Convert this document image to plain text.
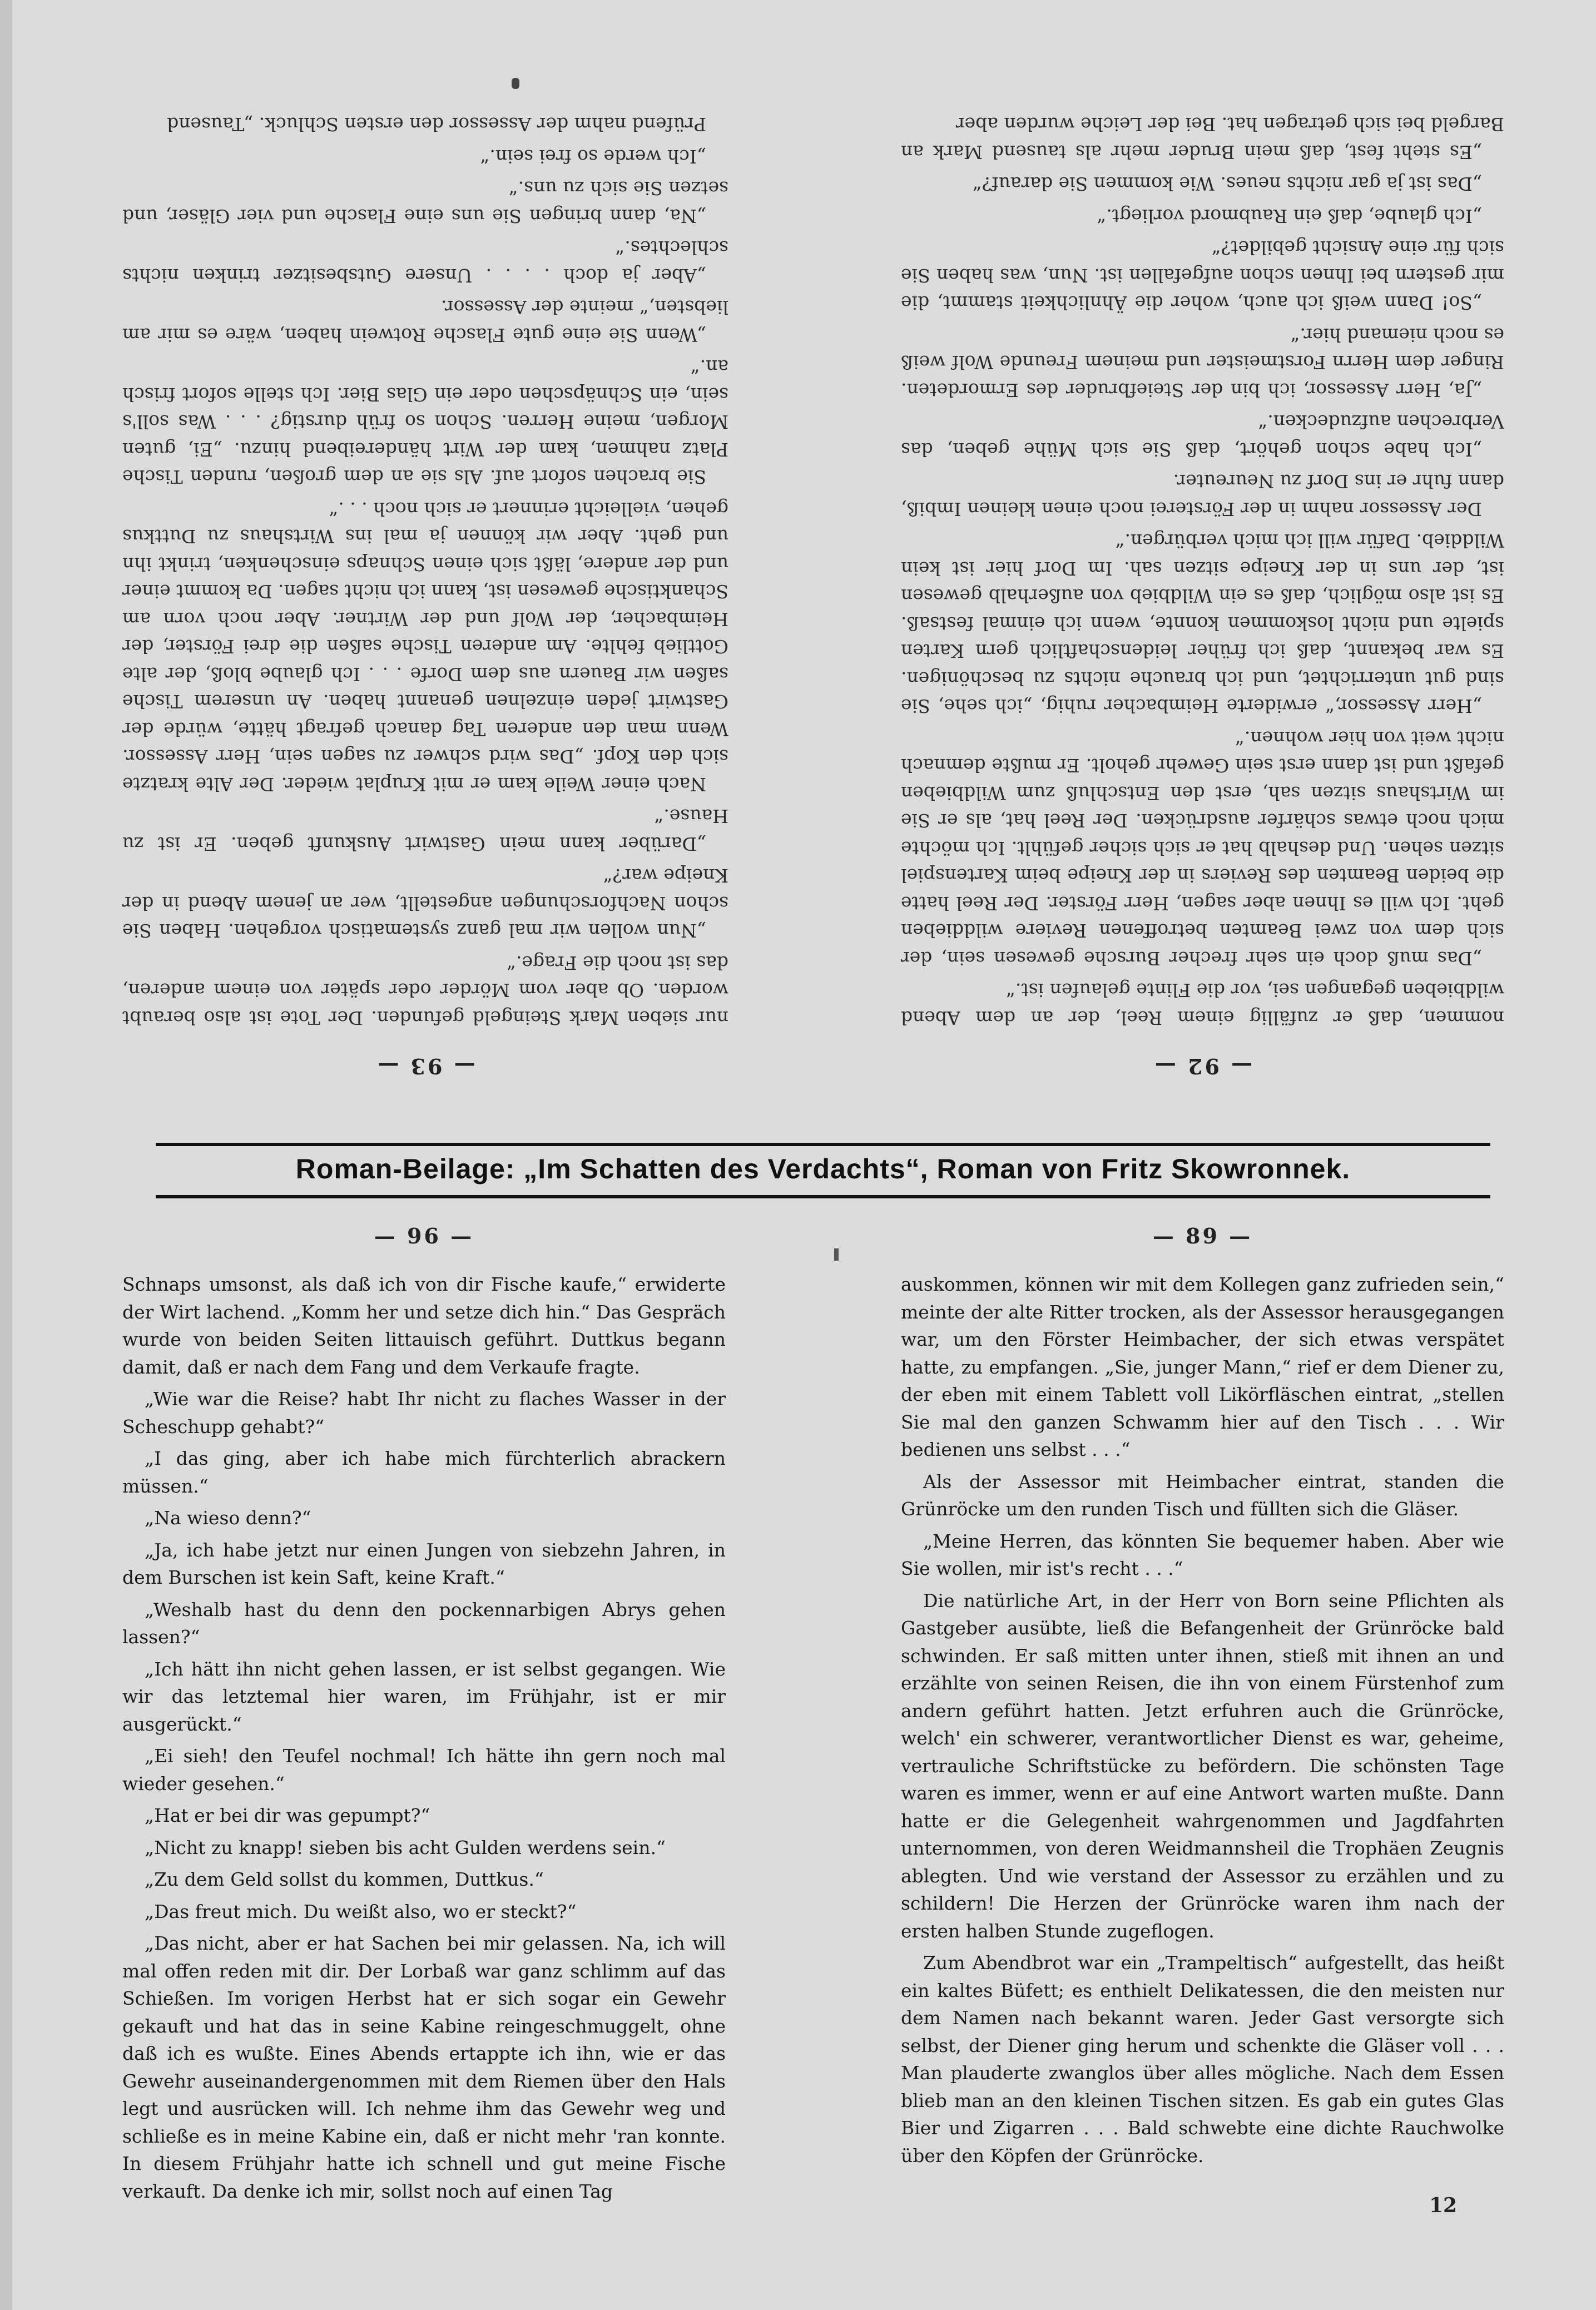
— 93 —

nur sieben Mark Steingeld gefunden. Der Tote ist also beraubt worden. Ob aber vom Mörder oder später von einem anderen, das ist noch die Frage.“

„Nun wollen wir mal ganz systematisch vorgehen. Haben Sie schon Nachforschungen angestellt, wer an jenem Abend in der Kneipe war?“

„Darüber kann mein Gastwirt Auskunft geben. Er ist zu Hause.“

Nach einer Weile kam er mit Kruplat wieder. Der Alte kratzte sich den Kopf. „Das wird schwer zu sagen sein, Herr Assessor. Wenn man den anderen Tag danach gefragt hätte, würde der Gastwirt jeden einzelnen genannt haben. An unserem Tische saßen wir Bauern aus dem Dorfe . . . Ich glaube bloß, der alte Gottlieb fehlte. Am anderen Tische saßen die drei Förster, der Heimbacher, der Wolf und der Wirtner. Aber noch vorn am Schanktische gewesen ist, kann ich nicht sagen. Da kommt einer und der andere, läßt sich einen Schnaps einschenken, trinkt ihn und geht. Aber wir können ja mal ins Wirtshaus zu Duttkus gehen, vielleicht erinnert er sich noch . . .“

Sie brachen sofort auf. Als sie an dem großen, runden Tische Platz nahmen, kam der Wirt händereibend hinzu. „Ei, guten Morgen, meine Herren. Schon so früh durstig? . . . Was soll's sein, ein Schnäpschen oder ein Glas Bier. Ich stelle sofort frisch an.“

„Wenn Sie eine gute Flasche Rotwein haben, wäre es mir am liebsten,“ meinte der Assessor.

„Aber ja doch . . . . Unsere Gutsbesitzer trinken nichts schlechtes.“

„Na, dann bringen Sie uns eine Flasche und vier Gläser, und setzen Sie sich zu uns.“

„Ich werde so frei sein.“

Prüfend nahm der Assessor den ersten Schluck. „Tausend

— 92 —

nommen, daß er zufällig einem Reel, der an dem Abend wildbieben gegangen sei, vor die Flinte gelaufen ist.“

„Das muß doch ein sehr frecher Bursche gewesen sein, der sich dem von zwei Beamten betroffenen Reviere wilddieben geht. Ich will es Ihnen aber sagen, Herr Förster. Der Reel hatte die beiden Beamten des Reviers in der Kneipe beim Kartenspiel sitzen sehen. Und deshalb hat er sich sicher gefühlt. Ich möchte mich noch etwas schärfer ausdrücken. Der Reel hat, als er Sie im Wirtshaus sitzen sah, erst den Entschluß zum Wildbieben gefaßt und ist dann erst sein Gewehr geholt. Er mußte demnach nicht weit von hier wohnen.“

„Herr Assessor,“ erwiderte Heimbacher ruhig, „ich sehe, Sie sind gut unterrichtet, und ich brauche nichts zu beschönigen. Es war bekannt, daß ich früher leidenschaftlich gern Karten spielte und nicht loskommen konnte, wenn ich einmal festsaß. Es ist also möglich, daß es ein Wildbieb von außerhalb gewesen ist, der uns in der Kneipe sitzen sah. Im Dorf hier ist kein Wilddieb. Dafür will ich mich verbürgen.“

Der Assessor nahm in der Försterei noch einen kleinen Imbiß, dann fuhr er ins Dorf zu Neureuter.

„Ich habe schon gehört, daß Sie sich Mühe geben, das Verbrechen aufzudecken.“

„Ja, Herr Assessor, ich bin der Steiefbruder des Ermordeten. Ringer dem Herrn Forstmeister und meinem Freunde Wolf weiß es noch niemand hier.“

„So! Dann weiß ich auch, woher die Ähnlichkeit stammt, die mir gestern bei Ihnen schon aufgefallen ist. Nun, was haben Sie sich für eine Ansicht gebildet?“

„Ich glaube, daß ein Raubmord vorliegt.“

„Das ist ja gar nichts neues. Wie kommen Sie darauf?“

„Es steht fest, daß mein Bruder mehr als tausend Mark an Bargeld bei sich getragen hat. Bei der Leiche wurden aber

Roman-Beilage: „Im Schatten des Verdachts“, Roman von Fritz Skowronnek.
— 96 —

Schnaps umsonst, als daß ich von dir Fische kaufe,“ erwiderte der Wirt lachend. „Komm her und setze dich hin.“ Das Gespräch wurde von beiden Seiten littauisch geführt. Duttkus begann damit, daß er nach dem Fang und dem Verkaufe fragte.

„Wie war die Reise? habt Ihr nicht zu flaches Wasser in der Scheschupp gehabt?“

„I das ging, aber ich habe mich fürchterlich abrackern müssen.“

„Na wieso denn?“

„Ja, ich habe jetzt nur einen Jungen von siebzehn Jahren, in dem Burschen ist kein Saft, keine Kraft.“

„Weshalb hast du denn den pockennarbigen Abrys gehen lassen?“

„Ich hätt ihn nicht gehen lassen, er ist selbst gegangen. Wie wir das letztemal hier waren, im Frühjahr, ist er mir ausgerückt.“

„Ei sieh! den Teufel nochmal! Ich hätte ihn gern noch mal wieder gesehen.“

„Hat er bei dir was gepumpt?“

„Nicht zu knapp! sieben bis acht Gulden werdens sein.“

„Zu dem Geld sollst du kommen, Duttkus.“

„Das freut mich. Du weißt also, wo er steckt?“

„Das nicht, aber er hat Sachen bei mir gelassen. Na, ich will mal offen reden mit dir. Der Lorbaß war ganz schlimm auf das Schießen. Im vorigen Herbst hat er sich sogar ein Gewehr gekauft und hat das in seine Kabine reingeschmuggelt, ohne daß ich es wußte. Eines Abends ertappte ich ihn, wie er das Gewehr auseinandergenommen mit dem Riemen über den Hals legt und ausrücken will. Ich nehme ihm das Gewehr weg und schließe es in meine Kabine ein, daß er nicht mehr 'ran konnte. In diesem Frühjahr hatte ich schnell und gut meine Fische verkauft. Da denke ich mir, sollst noch auf einen Tag

— 89 —

auskommen, können wir mit dem Kollegen ganz zufrieden sein,“ meinte der alte Ritter trocken, als der Assessor herausgegangen war, um den Förster Heimbacher, der sich etwas verspätet hatte, zu empfangen. „Sie, junger Mann,“ rief er dem Diener zu, der eben mit einem Tablett voll Likörfläschen eintrat, „stellen Sie mal den ganzen Schwamm hier auf den Tisch . . . Wir bedienen uns selbst . . .“

Als der Assessor mit Heimbacher eintrat, standen die Grünröcke um den runden Tisch und füllten sich die Gläser.

„Meine Herren, das könnten Sie bequemer haben. Aber wie Sie wollen, mir ist's recht . . .“

Die natürliche Art, in der Herr von Born seine Pflichten als Gastgeber ausübte, ließ die Befangenheit der Grünröcke bald schwinden. Er saß mitten unter ihnen, stieß mit ihnen an und erzählte von seinen Reisen, die ihn von einem Fürstenhof zum andern geführt hatten. Jetzt erfuhren auch die Grünröcke, welch' ein schwerer, verantwortlicher Dienst es war, geheime, vertrauliche Schriftstücke zu befördern. Die schönsten Tage waren es immer, wenn er auf eine Antwort warten mußte. Dann hatte er die Gelegenheit wahrgenommen und Jagdfahrten unternommen, von deren Weidmannsheil die Trophäen Zeugnis ablegten. Und wie verstand der Assessor zu erzählen und zu schildern! Die Herzen der Grünröcke waren ihm nach der ersten halben Stunde zugeflogen.

Zum Abendbrot war ein „Trampeltisch“ aufgestellt, das heißt ein kaltes Büfett; es enthielt Delikatessen, die den meisten nur dem Namen nach bekannt waren. Jeder Gast versorgte sich selbst, der Diener ging herum und schenkte die Gläser voll . . . Man plauderte zwanglos über alles mögliche. Nach dem Essen blieb man an den kleinen Tischen sitzen. Es gab ein gutes Glas Bier und Zigarren . . . Bald schwebte eine dichte Rauchwolke über den Köpfen der Grünröcke.

12
